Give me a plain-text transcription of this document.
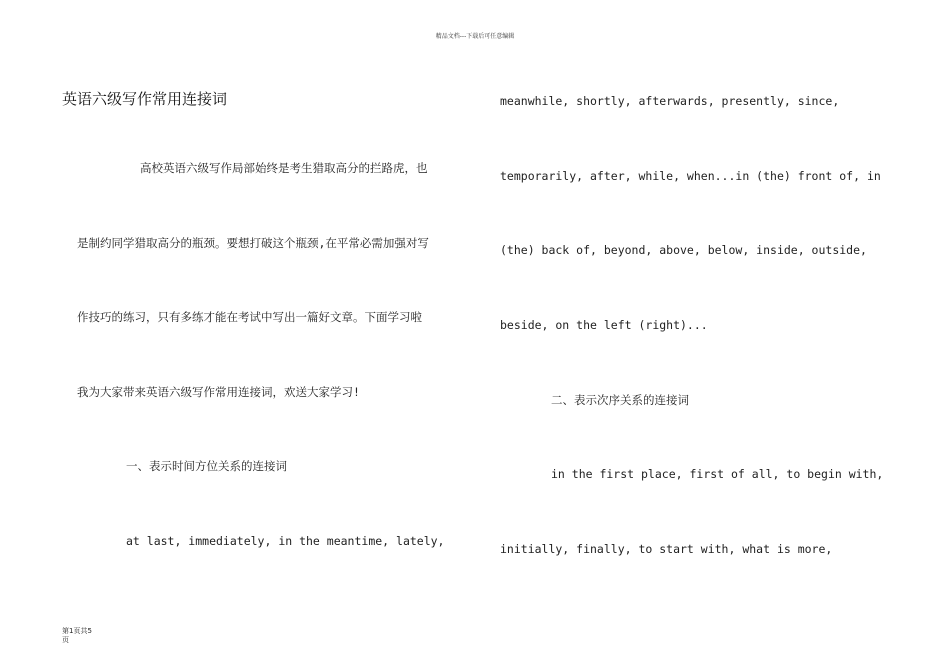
精品文档---下载后可任意编辑
英语六级写作常用连接词
高校英语六级写作局部始终是考生猎取高分的拦路虎，也
是制约同学猎取高分的瓶颈。要想打破这个瓶颈,在平常必需加强对写
作技巧的练习，只有多练才能在考试中写出一篇好文章。下面学习啦
我为大家带来英语六级写作常用连接词，欢送大家学习!
一、表示时间方位关系的连接词
at last, immediately, in the meantime, lately,
meanwhile, shortly, afterwards, presently, since,
temporarily, after, while, when...in (the) front of, in
(the) back of, beyond, above, below, inside, outside,
beside, on the left (right)...
二、表示次序关系的连接词
in the first place, first of all, to begin with,
initially, finally, to start with, what is more,
第1页共5
页
